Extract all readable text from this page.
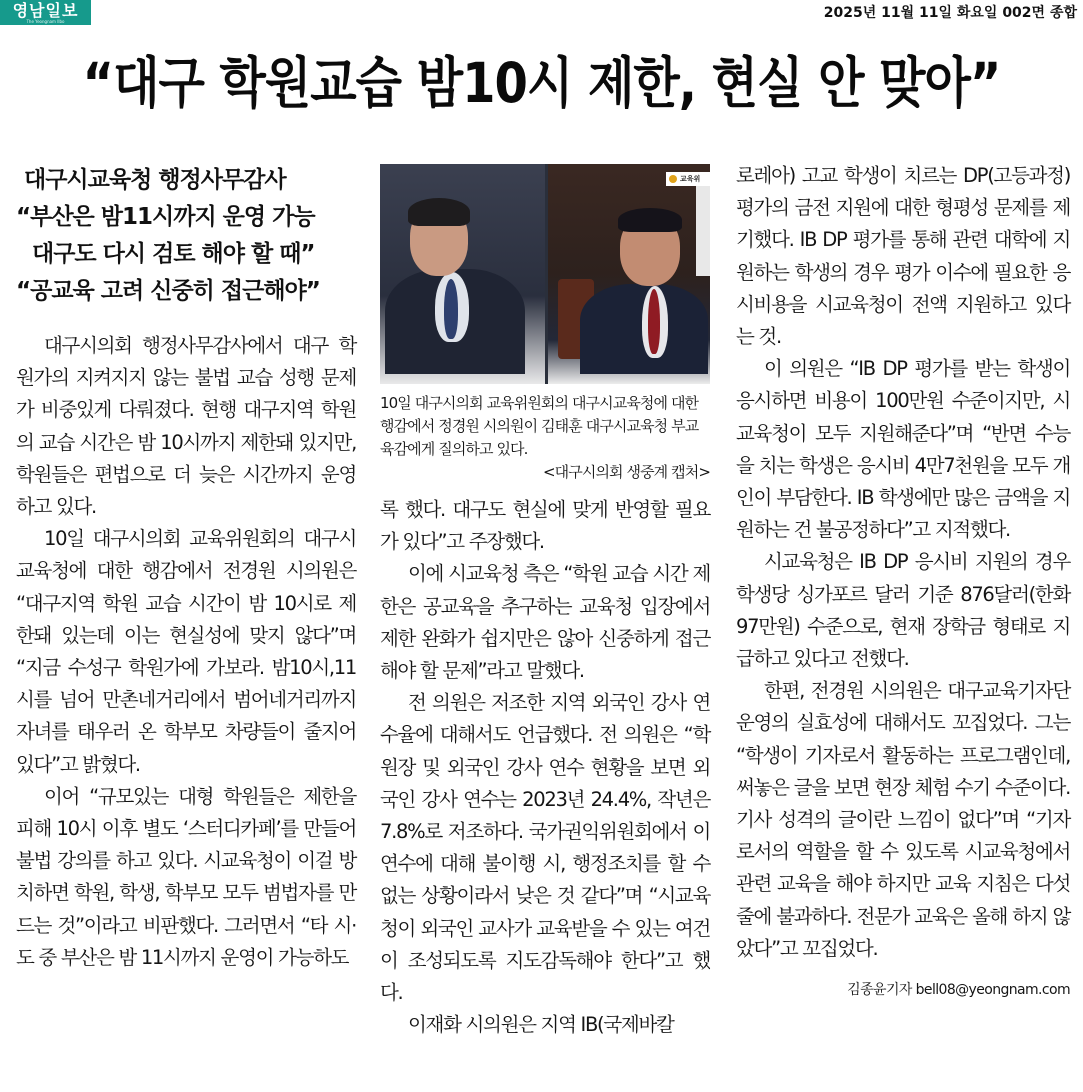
영남일보
The Yeongnam Ilbo
2025년 11월 11일 화요일 002면 종합
“대구 학원교습 밤10시 제한, 현실 안 맞아”
대구시교육청 행정사무감사
“부산은 밤11시까지 운영 가능
대구도 다시 검토 해야 할 때”
“공교육 고려 신중히 접근해야”

대구시의회 행정사무감사에서 대구 학원가의 지켜지지 않는 불법 교습 성행 문제가 비중있게 다뤄졌다. 현행 대구지역 학원의 교습 시간은 밤 10시까지 제한돼 있지만, 학원들은 편법으로 더 늦은 시간까지 운영하고 있다.

10일 대구시의회 교육위원회의 대구시교육청에 대한 행감에서 전경원 시의원은 “대구지역 학원 교습 시간이 밤 10시로 제한돼 있는데 이는 현실성에 맞지 않다”며 “지금 수성구 학원가에 가보라. 밤10시,11시를 넘어 만촌네거리에서 범어네거리까지 자녀를 태우러 온 학부모 차량들이 줄지어 있다”고 밝혔다.

이어 “규모있는 대형 학원들은 제한을 피해 10시 이후 별도 ‘스터디카페’를 만들어 불법 강의를 하고 있다. 시교육청이 이걸 방치하면 학원, 학생, 학부모 모두 범법자를 만드는 것”이라고 비판했다. 그러면서 “타 시·도 중 부산은 밤 11시까지 운영이 가능하도

교육위
10일 대구시의회 교육위원회의 대구시교육청에 대한 행감에서 정경원 시의원이 김태훈 대구시교육청 부교육감에게 질의하고 있다.
<대구시의회 생중계 캡처>

록 했다. 대구도 현실에 맞게 반영할 필요가 있다”고 주장했다.

이에 시교육청 측은 “학원 교습 시간 제한은 공교육을 추구하는 교육청 입장에서 제한 완화가 쉽지만은 않아 신중하게 접근해야 할 문제”라고 말했다.

전 의원은 저조한 지역 외국인 강사 연수율에 대해서도 언급했다. 전 의원은 “학원장 및 외국인 강사 연수 현황을 보면 외국인 강사 연수는 2023년 24.4%, 작년은 7.8%로 저조하다. 국가권익위원회에서 이 연수에 대해 불이행 시, 행정조치를 할 수 없는 상황이라서 낮은 것 같다”며 “시교육청이 외국인 교사가 교육받을 수 있는 여건이 조성되도록 지도감독해야 한다”고 했다.

이재화 시의원은 지역 IB(국제바칼

로레아) 고교 학생이 치르는 DP(고등과정) 평가의 금전 지원에 대한 형평성 문제를 제기했다. IB DP 평가를 통해 관련 대학에 지원하는 학생의 경우 평가 이수에 필요한 응시비용을 시교육청이 전액 지원하고 있다는 것.

이 의원은 “IB DP 평가를 받는 학생이 응시하면 비용이 100만원 수준이지만, 시교육청이 모두 지원해준다”며 “반면 수능을 치는 학생은 응시비 4만7천원을 모두 개인이 부담한다. IB 학생에만 많은 금액을 지원하는 건 불공정하다”고 지적했다.

시교육청은 IB DP 응시비 지원의 경우 학생당 싱가포르 달러 기준 876달러(한화 97만원) 수준으로, 현재 장학금 형태로 지급하고 있다고 전했다.

한편, 전경원 시의원은 대구교육기자단 운영의 실효성에 대해서도 꼬집었다. 그는 “학생이 기자로서 활동하는 프로그램인데, 써놓은 글을 보면 현장 체험 수기 수준이다. 기사 성격의 글이란 느낌이 없다”며 “기자로서의 역할을 할 수 있도록 시교육청에서 관련 교육을 해야 하지만 교육 지침은 다섯 줄에 불과하다. 전문가 교육은 올해 하지 않았다”고 꼬집었다.

김종윤기자 bell08@yeongnam.com
